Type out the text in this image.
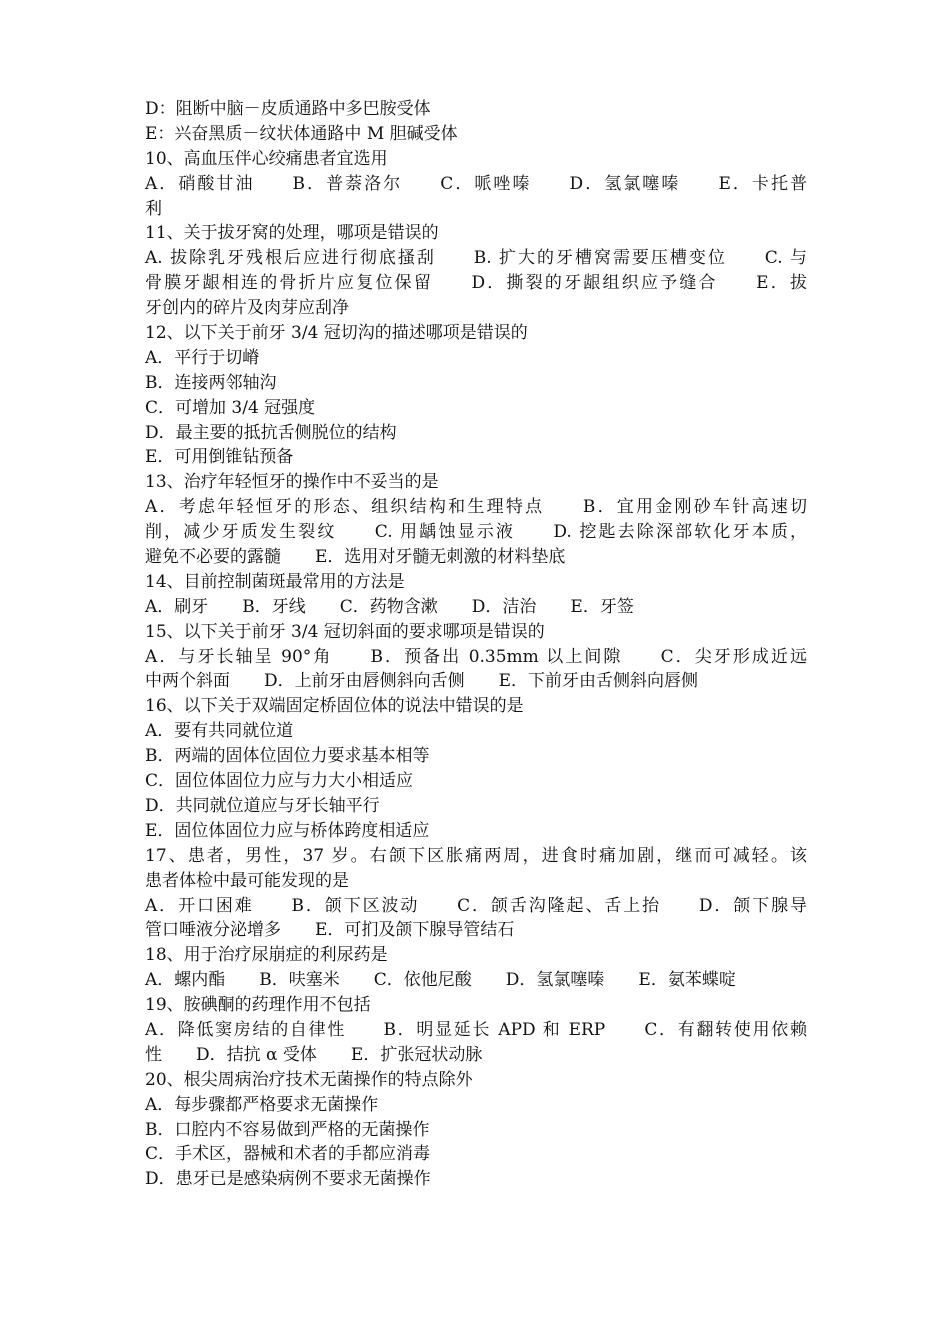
D：阻断中脑－皮质通路中多巴胺受体
E：兴奋黑质－纹状体通路中 M 胆碱受体
10、高血压伴心绞痛患者宜选用
A．硝酸甘油　　B．普萘洛尔　　C．哌唑嗪　　D．氢氯噻嗪　　E．卡托普
利
11、关于拔牙窝的处理，哪项是错误的
A. 拔除乳牙残根后应进行彻底搔刮　　B. 扩大的牙槽窝需要压槽变位　　C. 与
骨膜牙龈相连的骨折片应复位保留　　D．撕裂的牙龈组织应予缝合　　E．拔
牙创内的碎片及肉芽应刮净
12、以下关于前牙 3/4 冠切沟的描述哪项是错误的
A．平行于切嵴
B．连接两邻轴沟
C．可增加 3/4 冠强度
D．最主要的抵抗舌侧脱位的结构
E．可用倒锥钻预备
13、治疗年轻恒牙的操作中不妥当的是
A．考虑年轻恒牙的形态、组织结构和生理特点　　B．宜用金刚砂车针高速切
削，减少牙质发生裂纹　　C. 用龋蚀显示液　　D. 挖匙去除深部软化牙本质，
避免不必要的露髓　　E．选用对牙髓无刺激的材料垫底
14、目前控制菌斑最常用的方法是
A．刷牙　　B．牙线　　C．药物含漱　　D．洁治　　E．牙签
15、以下关于前牙 3/4 冠切斜面的要求哪项是错误的
A．与牙长轴呈 90°角　　B．预备出 0.35mm 以上间隙　　C．尖牙形成近远
中两个斜面　　D．上前牙由唇侧斜向舌侧　　E．下前牙由舌侧斜向唇侧
16、以下关于双端固定桥固位体的说法中错误的是
A．要有共同就位道
B．两端的固体位固位力要求基本相等
C．固位体固位力应与力大小相适应
D．共同就位道应与牙长轴平行
E．固位体固位力应与桥体跨度相适应
17、患者，男性，37 岁。右颌下区胀痛两周，进食时痛加剧，继而可减轻。该
患者体检中最可能发现的是
A．开口困难　　B．颌下区波动　　C．颌舌沟隆起、舌上抬　　D．颌下腺导
管口唾液分泌增多　　E．可扪及颌下腺导管结石
18、用于治疗尿崩症的利尿药是
A．螺内酯　　B．呋塞米　　C．依他尼酸　　D．氢氯噻嗪　　E．氨苯蝶啶
19、胺碘酮的药理作用不包括
A．降低窦房结的自律性　　B．明显延长 APD 和 ERP　　C．有翻转使用依赖
性　　D．拮抗 α 受体　　E．扩张冠状动脉
20、根尖周病治疗技术无菌操作的特点除外
A．每步骤都严格要求无菌操作
B．口腔内不容易做到严格的无菌操作
C．手术区，器械和术者的手都应消毒
D．患牙已是感染病例不要求无菌操作
